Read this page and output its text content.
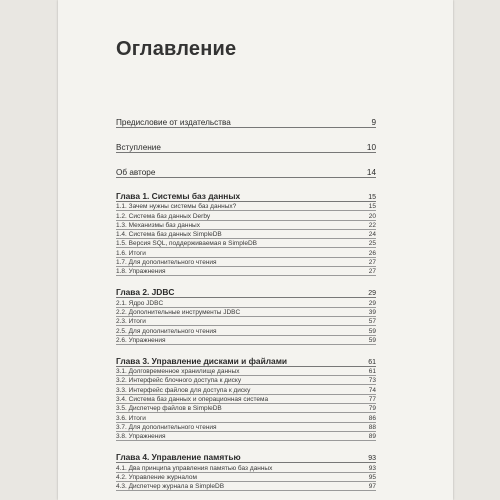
Оглавление
Предисловие от издательства	9
Вступление	10
Об авторе	14
Глава 1. Системы баз данных	15
1.1. Зачем нужны системы баз данных?	15
1.2. Система баз данных Derby	20
1.3. Механизмы баз данных	22
1.4. Система баз данных SimpleDB	24
1.5. Версия SQL, поддерживаемая в SimpleDB	25
1.6. Итоги	26
1.7. Для дополнительного чтения	27
1.8. Упражнения	27
Глава 2. JDBC	29
2.1. Ядро JDBC	29
2.2. Дополнительные инструменты JDBC	39
2.3. Итоги	57
2.5. Для дополнительного чтения	59
2.6. Упражнения	59
Глава 3. Управление дисками и файлами	61
3.1. Долговременное хранилище данных	61
3.2. Интерфейс блочного доступа к диску	73
3.3. Интерфейс файлов для доступа к диску	74
3.4. Система баз данных и операционная система	77
3.5. Диспетчер файлов в SimpleDB	79
3.6. Итоги	86
3.7. Для дополнительного чтения	88
3.8. Упражнения	89
Глава 4. Управление памятью	93
4.1. Два принципа управления памятью баз данных	93
4.2. Управление журналом	95
4.3. Диспетчер журнала в SimpleDB	97
